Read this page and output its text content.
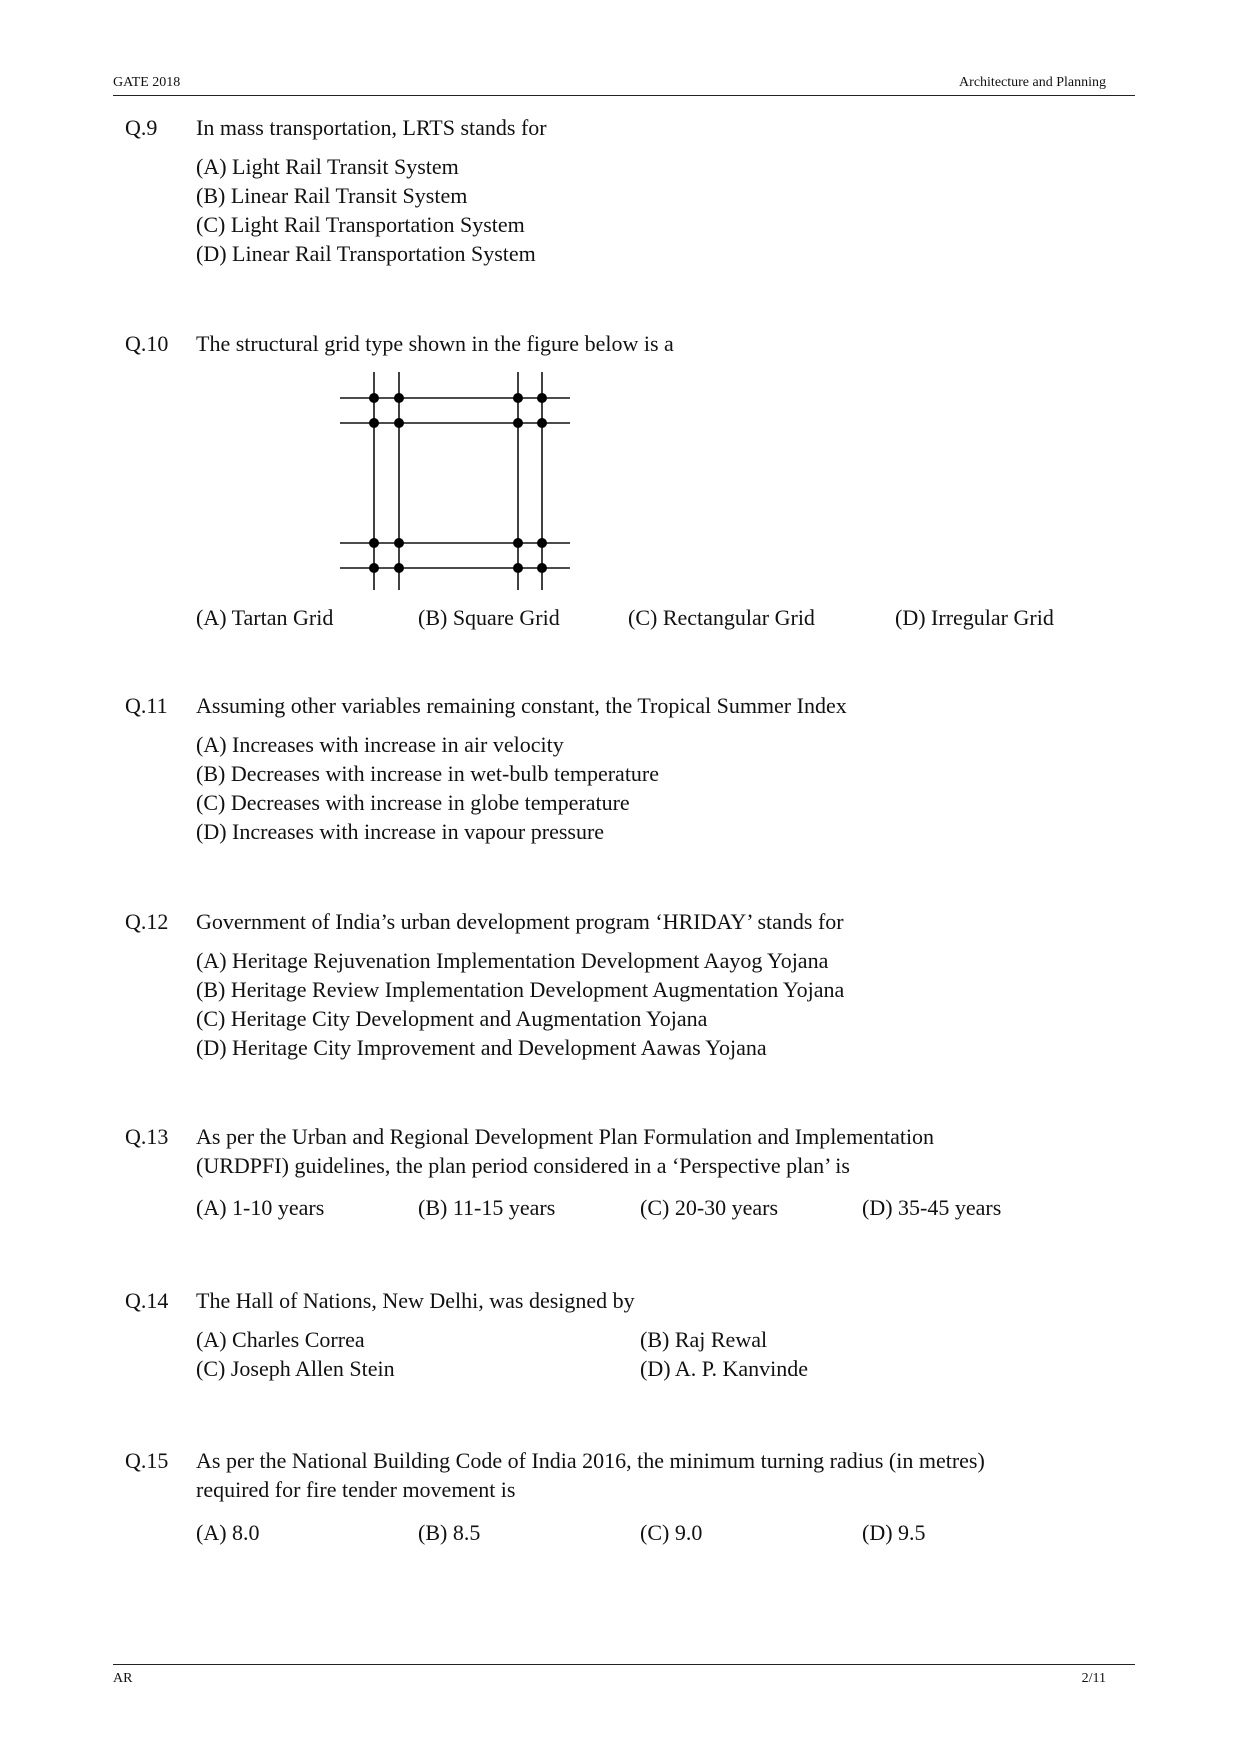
GATE 2018	Architecture and Planning
Q.9 In mass transportation, LRTS stands for
(A) Light Rail Transit System
(B) Linear Rail Transit System
(C) Light Rail Transportation System
(D) Linear Rail Transportation System
Q.10 The structural grid type shown in the figure below is a
(A) Tartan Grid	(B) Square Grid	(C) Rectangular Grid	(D) Irregular Grid
Q.11 Assuming other variables remaining constant, the Tropical Summer Index
(A) Increases with increase in air velocity
(B) Decreases with increase in wet-bulb temperature
(C) Decreases with increase in globe temperature
(D) Increases with increase in vapour pressure
Q.12 Government of India’s urban development program ‘HRIDAY’ stands for
(A) Heritage Rejuvenation Implementation Development Aayog Yojana
(B) Heritage Review Implementation Development Augmentation Yojana
(C) Heritage City Development and Augmentation Yojana
(D) Heritage City Improvement and Development Aawas Yojana
Q.13 As per the Urban and Regional Development Plan Formulation and Implementation
(URDPFI) guidelines, the plan period considered in a ‘Perspective plan’ is
(A) 1-10 years	(B) 11-15 years	(C) 20-30 years	(D) 35-45 years
Q.14 The Hall of Nations, New Delhi, was designed by
(A) Charles Correa	(B) Raj Rewal
(C) Joseph Allen Stein	(D) A. P. Kanvinde
Q.15 As per the National Building Code of India 2016, the minimum turning radius (in metres)
required for fire tender movement is
(A) 8.0	(B) 8.5	(C) 9.0	(D) 9.5
AR	2/11
